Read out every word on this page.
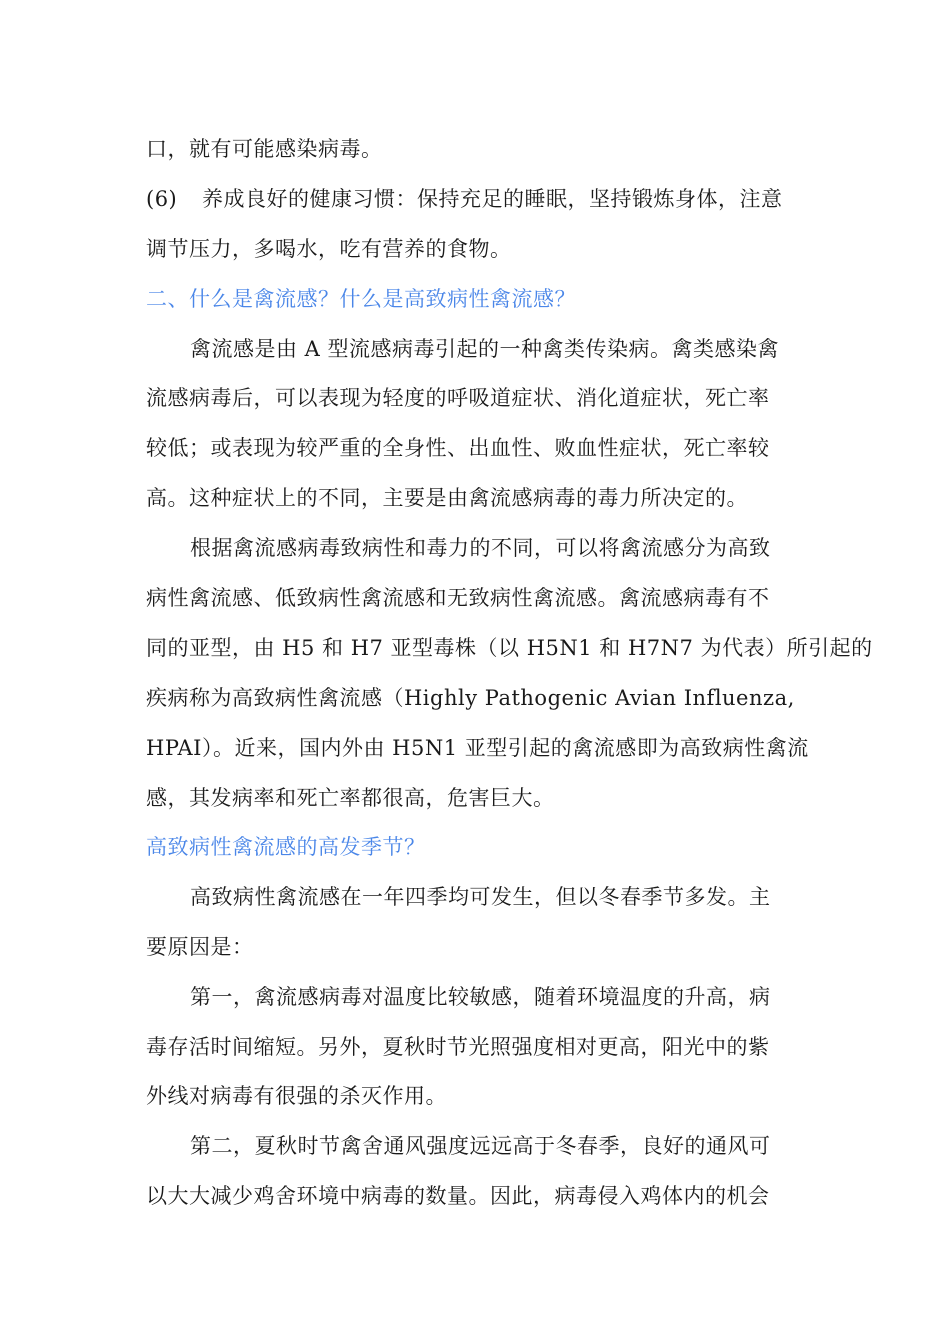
口，就有可能感染病毒。

(6) 养成良好的健康习惯：保持充足的睡眠，坚持锻炼身体，注意

调节压力，多喝水，吃有营养的食物。

二、什么是禽流感？什么是高致病性禽流感？

禽流感是由 A 型流感病毒引起的一种禽类传染病。禽类感染禽

流感病毒后，可以表现为轻度的呼吸道症状、消化道症状，死亡率

较低；或表现为较严重的全身性、出血性、败血性症状，死亡率较

高。这种症状上的不同，主要是由禽流感病毒的毒力所决定的。

根据禽流感病毒致病性和毒力的不同，可以将禽流感分为高致

病性禽流感、低致病性禽流感和无致病性禽流感。禽流感病毒有不

同的亚型，由 H5 和 H7 亚型毒株（以 H5N1 和 H7N7 为代表）所引起的

疾病称为高致病性禽流感（Highly Pathogenic Avian Influenza,

HPAI）。近来，国内外由 H5N1 亚型引起的禽流感即为高致病性禽流

感，其发病率和死亡率都很高，危害巨大。

高致病性禽流感的高发季节？

高致病性禽流感在一年四季均可发生，但以冬春季节多发。主

要原因是：

第一，禽流感病毒对温度比较敏感，随着环境温度的升高，病

毒存活时间缩短。另外，夏秋时节光照强度相对更高，阳光中的紫

外线对病毒有很强的杀灭作用。

第二，夏秋时节禽舍通风强度远远高于冬春季，良好的通风可

以大大减少鸡舍环境中病毒的数量。因此，病毒侵入鸡体内的机会
